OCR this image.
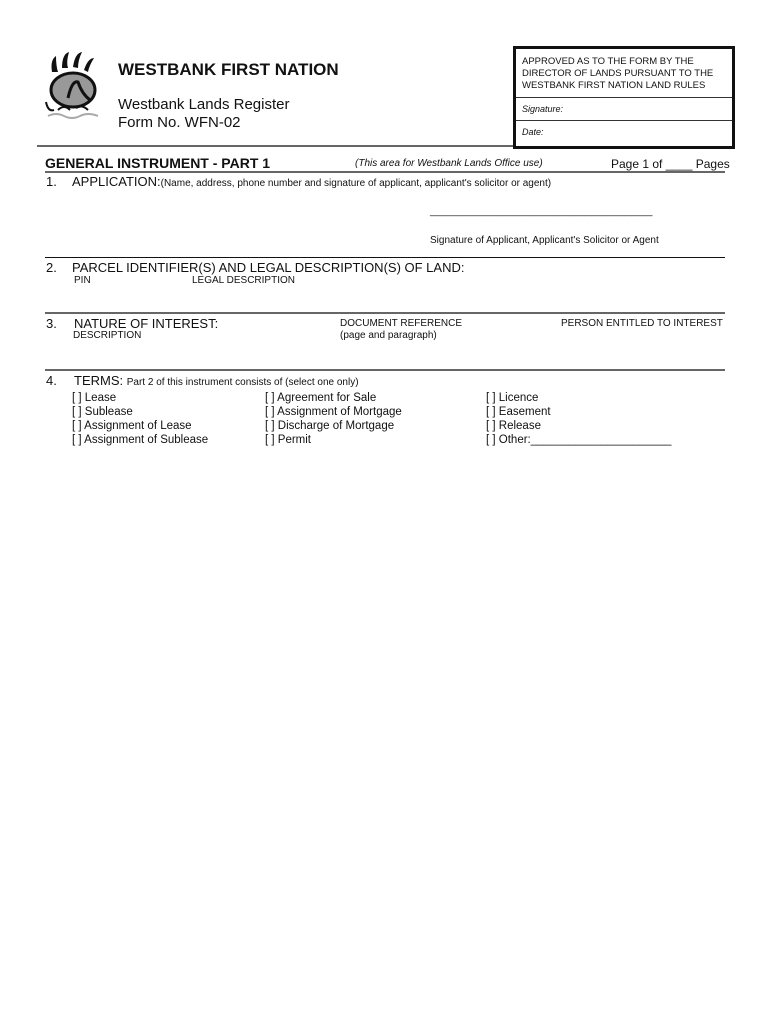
WESTBANK FIRST NATION
Westbank Lands Register
Form No. WFN-02
APPROVED AS TO THE FORM BY THE
DIRECTOR OF LANDS PURSUANT TO THE
WESTBANK FIRST NATION LAND RULES
Signature:
Date:
GENERAL INSTRUMENT - PART 1	(This area for Westbank Lands Office use)	Page 1 of ____ Pages
1. APPLICATION:(Name, address, phone number and signature of applicant, applicant's solicitor or agent)
________________________________________
Signature of Applicant, Applicant's Solicitor or Agent
2. PARCEL IDENTIFIER(S) AND LEGAL DESCRIPTION(S) OF LAND:
PIN	LEGAL DESCRIPTION
3. NATURE OF INTEREST:
DESCRIPTION
DOCUMENT REFERENCE
(page and paragraph)
PERSON ENTITLED TO INTEREST
4. TERMS: Part 2 of this instrument consists of (select one only)
[ ] Lease
[ ] Sublease
[ ] Assignment of Lease
[ ] Assignment of Sublease
[ ] Agreement for Sale
[ ] Assignment of Mortgage
[ ] Discharge of Mortgage
[ ] Permit
[ ] Licence
[ ] Easement
[ ] Release
[ ] Other:______________________
